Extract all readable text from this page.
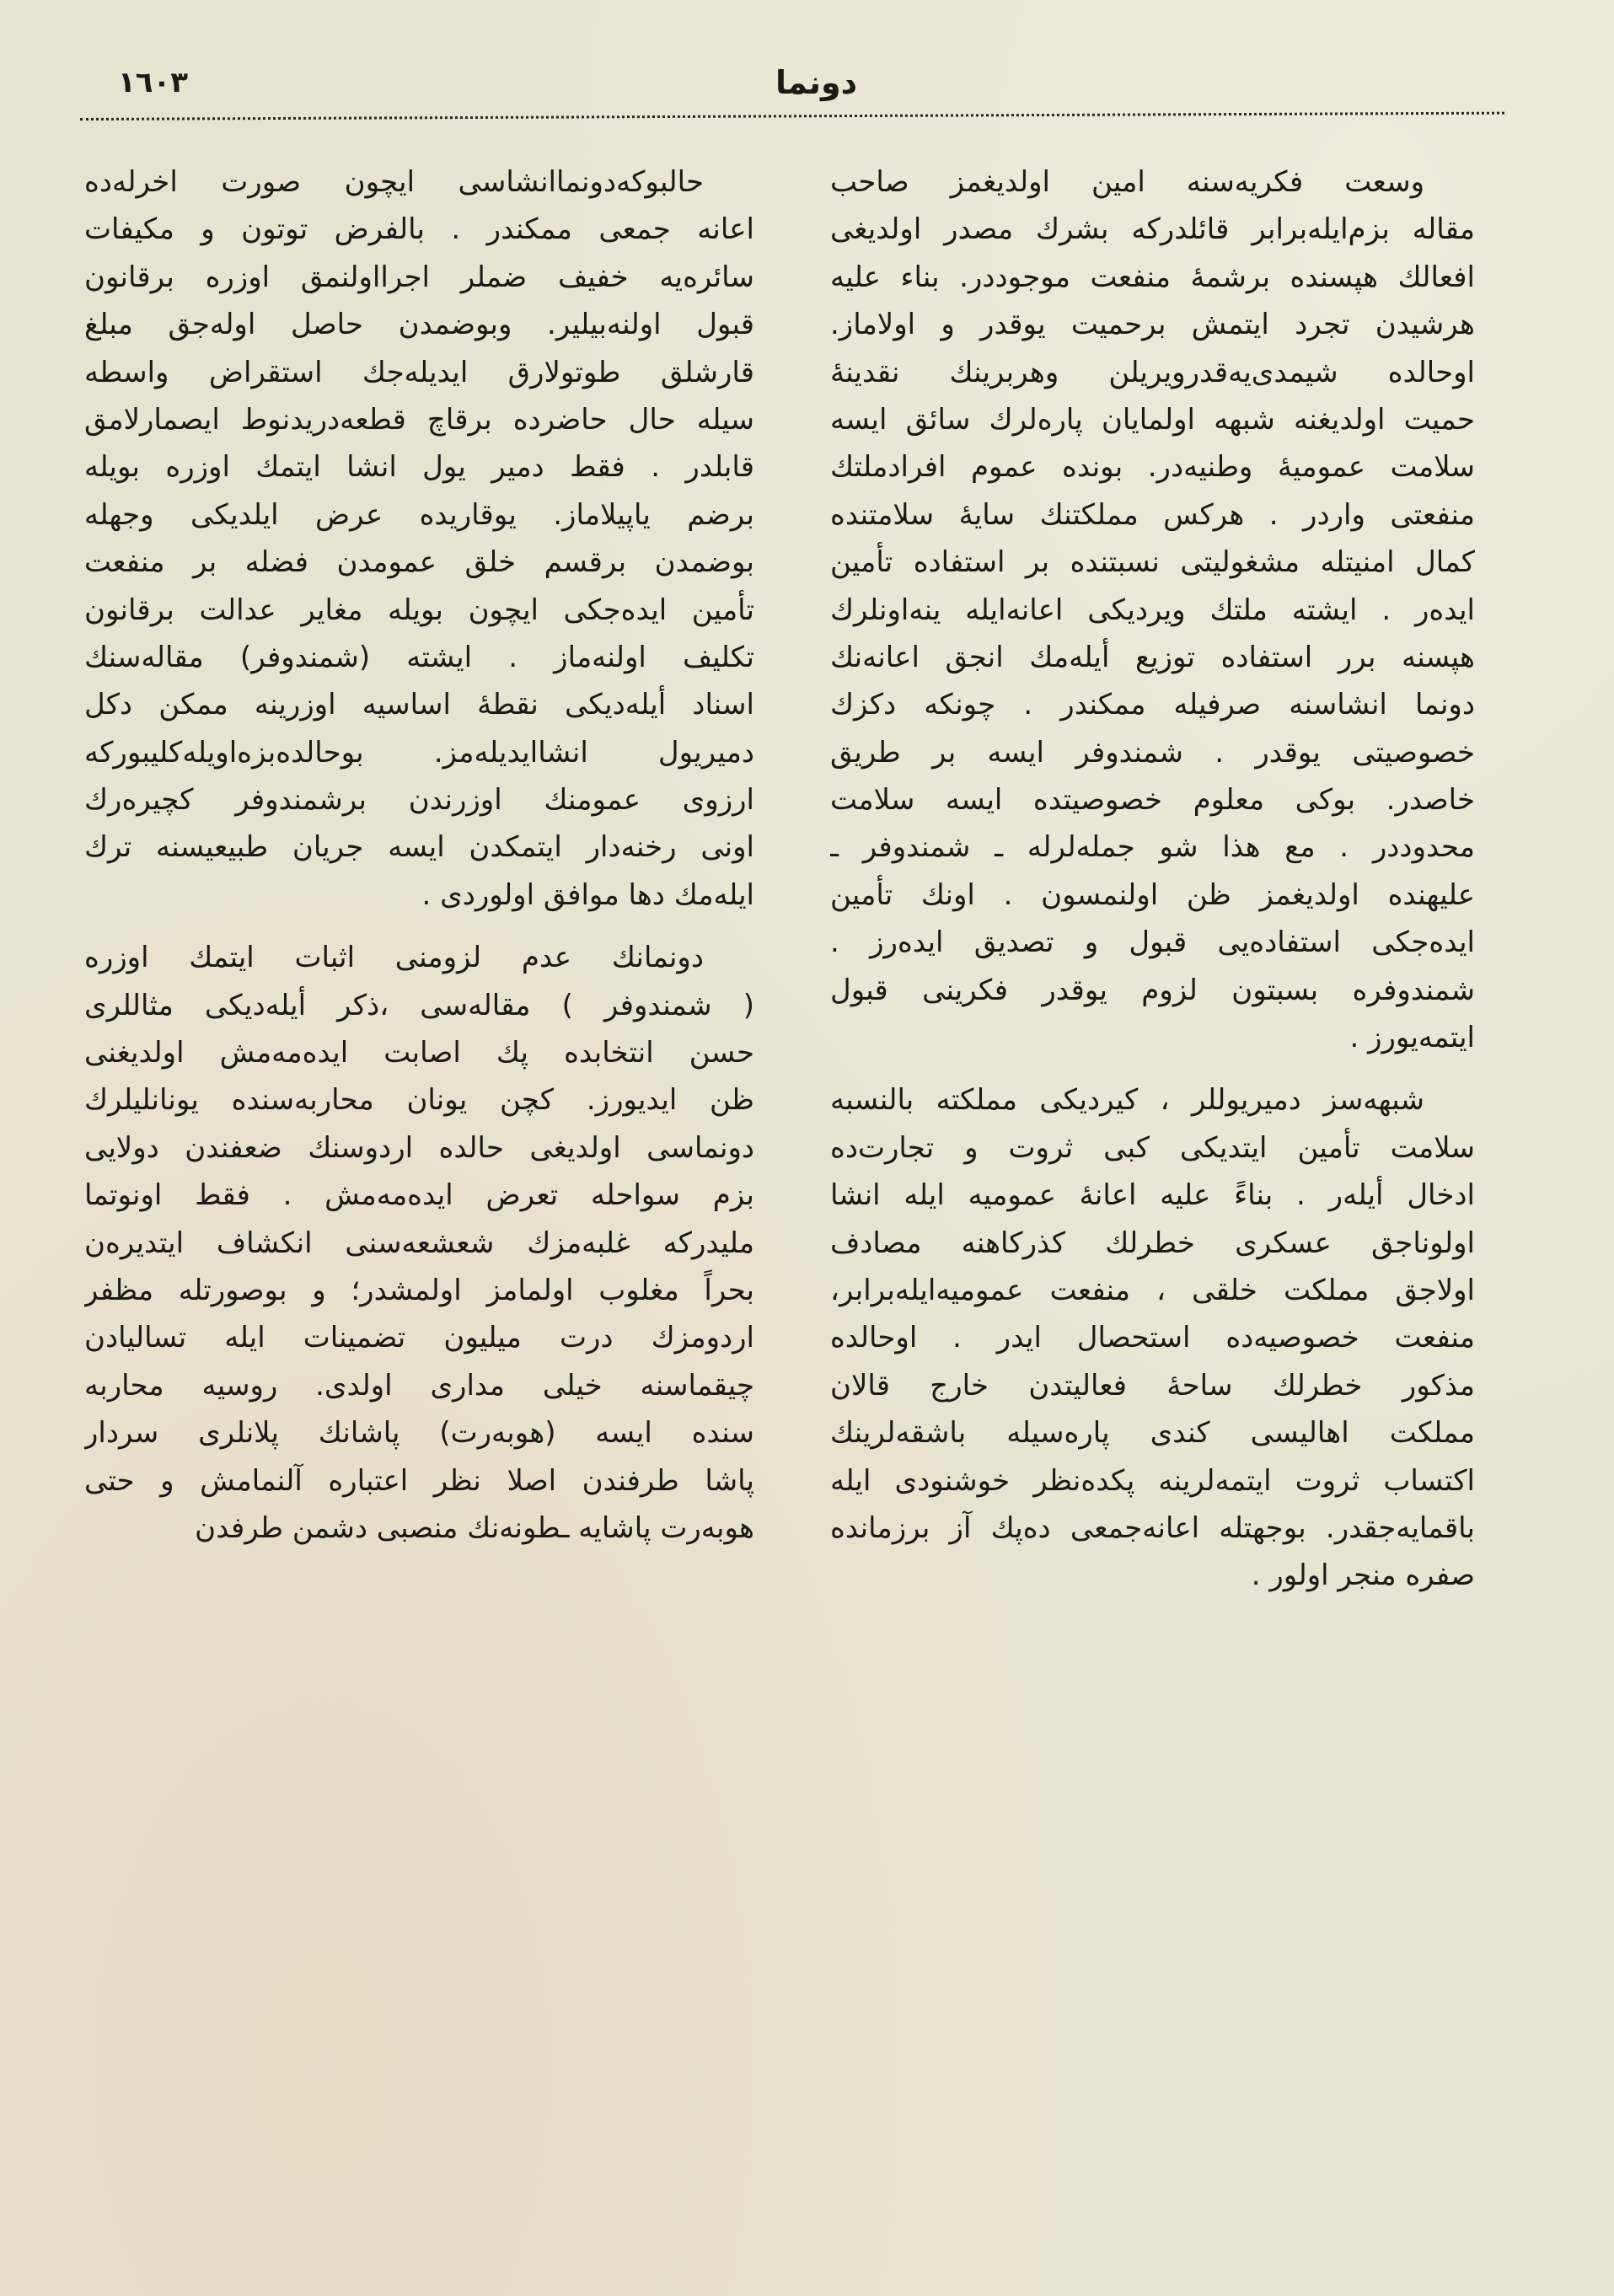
١٦٠٣	دونما
وسعت فكريه‌سنه امين اولديغمز صاحب
مقاله بزم‌ايله‌برابر قائلدركه بشرك مصدر اولديغى
افعالك هپسنده برشمهٔ منفعت موجوددر. بناء عليه
هرشيدن تجرد ايتمش برحميت يوقدر و اولاماز.
اوحالده شيمدى‌يه‌قدرويريلن وهربرينك نقدينهٔ
حميت اولديغنه شبهه اولمايان پاره‌لرك سائق ايسه
سلامت عموميهٔ وطنيه‌در. بونده عموم افرادملتك
منفعتى واردر . هركس مملكتنك سايهٔ سلامتنده
كمال امنيتله مشغوليتى نسبتنده بر استفاده تأمين
ايده‌ر . ايشته ملتك ويرديكى اعانه‌ايله ينه‌اونلرك
هپسنه برر استفاده توزيع أيله‌مك انجق اعانه‌نك
دونما انشاسنه صرفيله ممكندر . چونكه دكزك
خصوصيتى يوقدر . شمندوفر ايسه بر طريق
خاصدر. بوكى معلوم خصوصيتده ايسه سلامت
محدوددر . مع هذا شو جمله‌لرله ـ شمندوفر ـ
عليهنده اولديغمز ظن اولنمسون . اونك تأمين
ايده‌جكى استفاده‌يى قبول و تصديق ايده‌رز .
شمندوفره بسبتون لزوم يوقدر فكرينى قبول
ايتمه‌يورز .
شبهه‌سز دميريوللر ، كيرديكى مملكته بالنسبه
سلامت تأمين ايتديكى كبى ثروت و تجارت‌ده
ادخال أيله‌ر . بناءً عليه اعانهٔ عموميه ايله انشا
اولوناجق عسكرى خطرلك كذركاهنه مصادف
اولاجق مملكت خلقى ، منفعت عموميه‌ايله‌برابر،
منفعت خصوصيه‌ده استحصال ايدر . اوحالده
مذكور خطرلك ساحهٔ فعاليتدن خارج قالان
مملكت اهاليسى كندى پاره‌سيله باشقه‌لرينك
اكتساب ثروت ايتمه‌لرينه پكده‌نظر خوشنودى ايله
باقمايه‌جقدر. بوجهتله اعانه‌جمعى ده‌پك آز برزمانده
صفره منجر اولور .
حالبوكه‌دونماانشاسى ايچون صورت اخرله‌ده
اعانه جمعى ممكندر . بالفرض توتون و مكيفات
سائره‌يه خفيف ضملر اجرااولنمق اوزره برقانون
قبول اولنه‌بيلير. وبوضمدن حاصل اوله‌جق مبلغ
قارشلق طوتولارق ايديله‌جك استقراض واسطه‌
سيله حال حاضرده برقاچ قطعه‌دريدنوط ايصمارلامق
قابلدر . فقط دمير يول انشا ايتمك اوزره بويله
برضم ياپيلاماز. يوقاريده عرض ايلديكى وجهله
بوضمدن برقسم خلق عمومدن فضله بر منفعت
تأمين ايده‌جكى ايچون بويله مغاير عدالت برقانون
تكليف اولنه‌ماز . ايشته (شمندوفر) مقاله‌سنك
اسناد أيله‌ديكى نقطهٔ اساسيه اوزرينه ممكن دكل
دميريول انشاايديله‌مز. بوحالده‌بزه‌اويله‌كليبوركه
ارزوى عمومنك اوزرندن برشمندوفر كچيره‌رك
اونى رخنه‌دار ايتمكدن ايسه جريان طبيعيسنه ترك
ايله‌مك دها موافق اولوردى .
دونمانك عدم لزومنى اثبات ايتمك اوزره
( شمندوفر ) مقاله‌سى ،ذكر أيله‌ديكى مثاللرى
حسن انتخابده پك اصابت ايده‌مه‌مش اولديغنى
ظن ايديورز. كچن يونان محاربه‌سنده يونانليلرك
دونماسى اولديغى حالده اردوسنك ضعفندن دولايى
بزم سواحله تعرض ايده‌مه‌مش . فقط اونوتما‌
مليدركه غلبه‌مزك شعشعه‌سنى انكشاف ايتديره‌ن
بحراً مغلوب اولمامز اولمشدر؛ و بوصورتله مظفر
اردومزك درت ميليون تضمينات ايله تساليادن
چيقماسنه خيلى مدارى اولدى. روسيه محاربه‌
سنده ايسه (هوبه‌رت) پاشانك پلانلرى سردار
پاشا طرفندن اصلا نظر اعتباره آلنمامش و حتى
هوبه‌رت پاشايه ـطونه‌نك منصبى دشمن طرفدن
